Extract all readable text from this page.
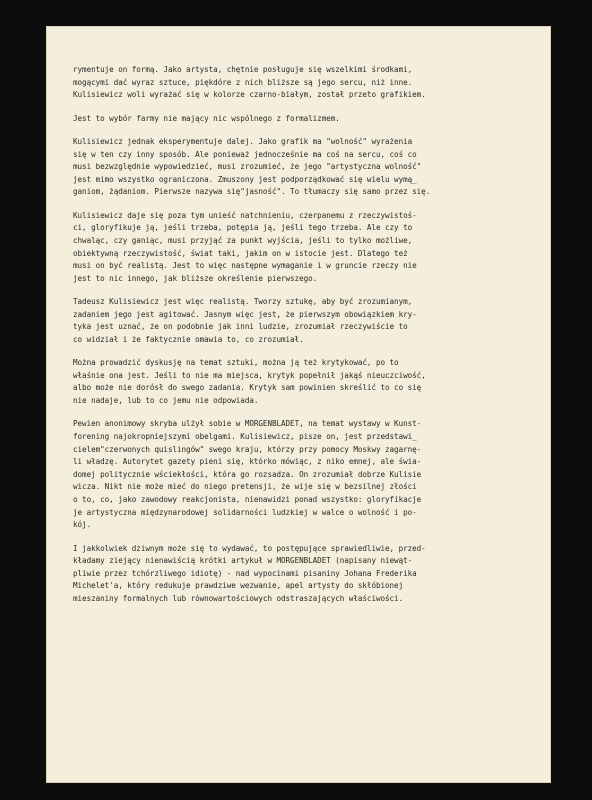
rymentuje on formą. Jako artysta, chętnie posługuje się wszelkimi środkami,
mogącymi dać wyraz sztuce, piękdóre z nich bliższe są jego sercu, niż inne.
Kulisiewicz woli wyrażać się w kolorze czarno-białym, został przeto grafikiem.
Jest to wybór farmy nie mający nic wspólnego z formalizmem.
Kulisiewicz jednak eksperymentuje dalej. Jako grafik ma "wolność" wyrażenia
się w ten czy inny sposób. Ale ponieważ jednocześnie ma coś na sercu, coś co
musi bezwzględnie wypowiedzieć, musi zrozumieć, że jego "artystyczna wolność"
jest mimo wszystko ograniczona. Zmuszony jest podporządkować się wielu wymą_
ganiom, żądaniom. Pierwsze nazywa się"jasność". To tłumaczy się samo przez się.
Kulisiewicz daje się poza tym unieść natchnieniu, czerpanemu z rzeczywistoś-
ci, gloryfikuje ją, jeśli trzeba, potępia ją, jeśli tego trzeba. Ale czy to
chwaląc, czy ganiąc, musi przyjąć za punkt wyjścia, jeśli to tylko możliwe,
obiektywną rzeczywistość, świat taki, jakim on w istocie jest. Dlatego też
musi on być realistą. Jest to więc następne wymaganie i w gruncie rzeczy nie
jest to nic innego, jak bliższe określenie pierwszego.
Tadeusz Kulisiewicz jest więc realistą. Tworzy sztukę, aby być zrozumianym,
zadaniem jego jest agitować. Jasnym więc jest, że pierwszym obowiązkiem kry-
tyka jest uznać, że on podobnie jak inni ludzie, zrozumiał rzeczywiście to
co widział i że faktycznie omawia to, co zrozumiał.
Można prowadzić dyskusję na temat sztuki, można ją też krytykować, po to
właśnie ona jest. Jeśli to nie ma miejsca, krytyk popełnił jakąś nieuczciwość,
albo może nie dorósł do swego zadania. Krytyk sam powinien skreślić to co się
nie nadaje, lub to co jemu nie odpowiada.
Pewien anonimowy skryba ulżył sobie w MORGENBLADET, na temat wystawy w Kunst-
forening najokropniejszymi obelgami. Kulisiewicz, pisze on, jest przedstawi_
cielem"czerwonych quislingów" swego kraju, którzy przy pomocy Moskwy zagarnę-
li władzę. Autorytet gazety pieni się, którko mówiąc, z niko emnej, ale świa-
domej politycznie wściekłości, która go rozsadza. On zrozumiał dobrze Kulisie
wicza. Nikt nie może mieć do niego pretensji, że wije się w bezsilnej złości
o to, co, jako zawodowy reakcjonista, nienawidzi ponad wszystko: gloryfikacje
je artystyczna międzynarodowej solidarności ludzkiej w walce o wolność i po-
kój.
I jakkolwiek dziwnym może się to wydawać, to postępujące sprawiedliwie, przed-
kładamy ziejący nienawiścią krótki artykuł w MORGENBLADET (napisany niewąt-
pliwie przez tchórzliwego idiotę) - nad wypocinami pisaniny Johana Frederika
Michelet'a, który redukuje prawdziwe wezwanie, apel artysty do skłóbionej
mieszaniny formalnych lub równowartościowych odstraszających właściwości.
